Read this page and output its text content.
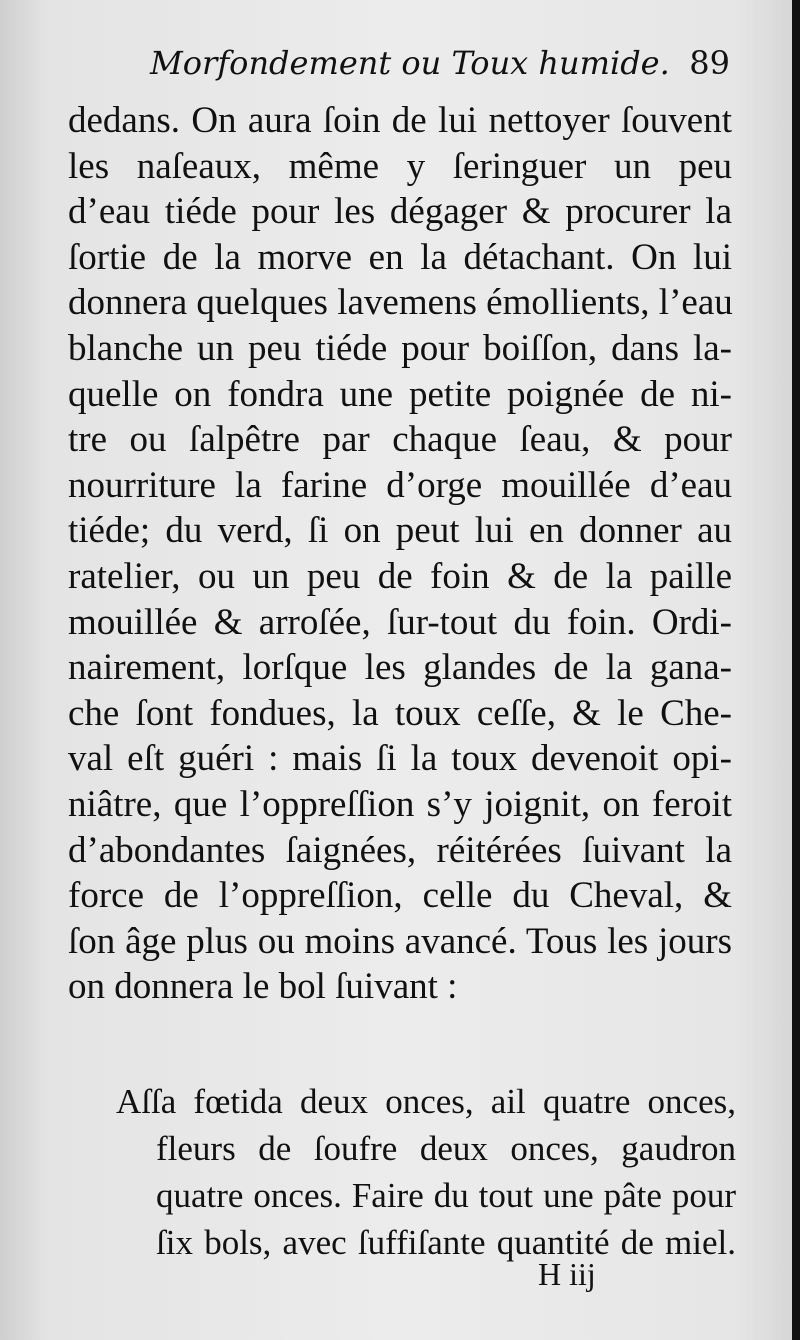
Morfondement ou Toux humide. 89
dedans. On aura ſoin de lui nettoyer ſouvent
les naſeaux, même y ſeringuer un peu
d’eau tiéde pour les dégager & procurer la
ſortie de la morve en la détachant. On lui
donnera quelques lavemens émollients, l’eau
blanche un peu tiéde pour boiſſon, dans la-
quelle on fondra une petite poignée de ni-
tre ou ſalpêtre par chaque ſeau, & pour
nourriture la farine d’orge mouillée d’eau
tiéde; du verd, ſi on peut lui en donner au
ratelier, ou un peu de foin & de la paille
mouillée & arroſée, ſur-tout du foin. Ordi-
nairement, lorſque les glandes de la gana-
che ſont fondues, la toux ceſſe, & le Che-
val eſt guéri : mais ſi la toux devenoit opi-
niâtre, que l’oppreſſion s’y joignit, on feroit
d’abondantes ſaignées, réitérées ſuivant la
force de l’oppreſſion, celle du Cheval, &
ſon âge plus ou moins avancé. Tous les jours
on donnera le bol ſuivant :
Aſſa fœtida deux onces, ail quatre onces,
fleurs de ſoufre deux onces, gaudron
quatre onces. Faire du tout une pâte pour
ſix bols, avec ſuffiſante quantité de miel.
H iij
